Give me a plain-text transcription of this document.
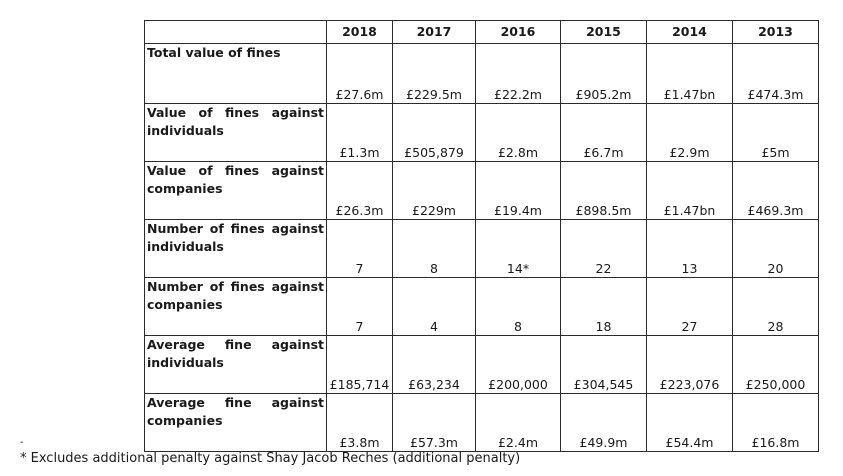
	2018	2017	2016	2015	2014	2013
Total value of fines	£27.6m	£229.5m	£22.2m	£905.2m	£1.47bn	£474.3m
Value of fines against individuals	£1.3m	£505,879	£2.8m	£6.7m	£2.9m	£5m
Value of fines against companies	£26.3m	£229m	£19.4m	£898.5m	£1.47bn	£469.3m
Number of fines against individuals	7	8	14*	22	13	20
Number of fines against companies	7	4	8	18	27	28
Average fine against individuals	£185,714	£63,234	£200,000	£304,545	£223,076	£250,000
Average fine against companies	£3.8m	£57.3m	£2.4m	£49.9m	£54.4m	£16.8m
-
* Excludes additional penalty against Shay Jacob Reches (additional penalty)
